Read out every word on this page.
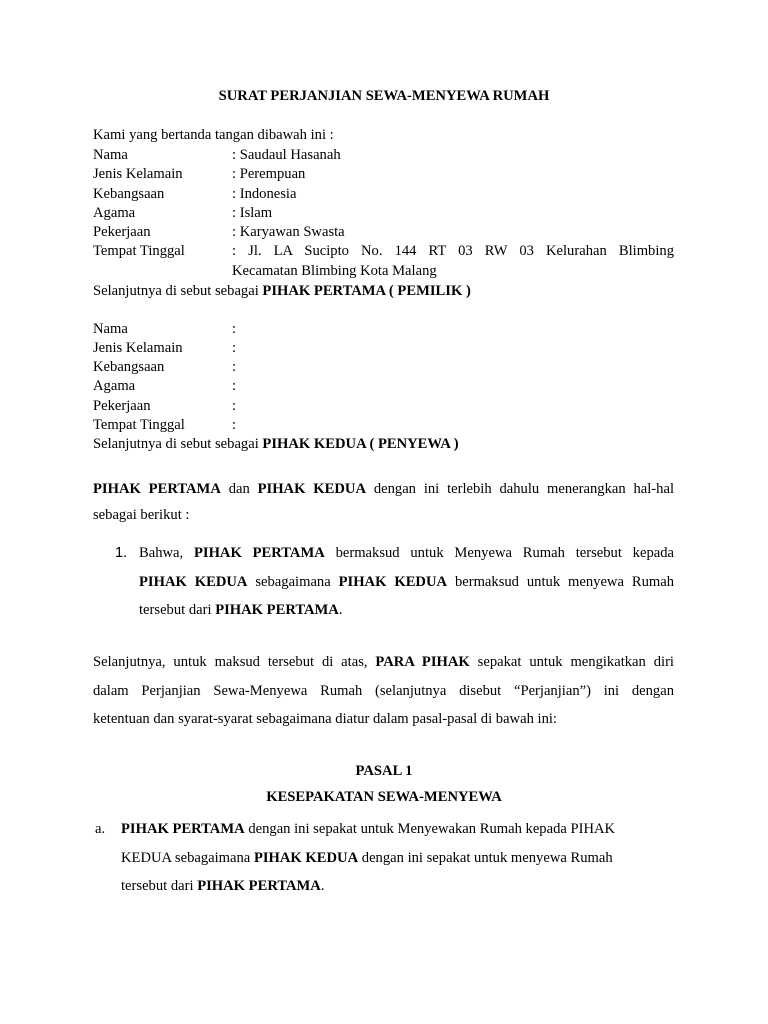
SURAT PERJANJIAN SEWA-MENYEWA RUMAH
Kami yang bertanda tangan dibawah ini :
Nama	: Saudaul Hasanah
Jenis Kelamain	: Perempuan
Kebangsaan	: Indonesia
Agama	: Islam
Pekerjaan	: Karyawan Swasta
Tempat Tinggal	: Jl. LA Sucipto No. 144 RT 03 RW 03 Kelurahan Blimbing
Kecamatan Blimbing Kota Malang
Selanjutnya di sebut sebagai PIHAK PERTAMA ( PEMILIK )
Nama	:
Jenis Kelamain	:
Kebangsaan	:
Agama	:
Pekerjaan	:
Tempat Tinggal	:
Selanjutnya di sebut sebagai PIHAK KEDUA ( PENYEWA )
PIHAK PERTAMA dan PIHAK KEDUA dengan ini terlebih dahulu menerangkan hal-hal
sebagai berikut :
1. Bahwa, PIHAK PERTAMA bermaksud untuk Menyewa Rumah tersebut kepada
PIHAK KEDUA sebagaimana PIHAK KEDUA bermaksud untuk menyewa Rumah
tersebut dari PIHAK PERTAMA.
Selanjutnya, untuk maksud tersebut di atas, PARA PIHAK sepakat untuk mengikatkan diri
dalam Perjanjian Sewa-Menyewa Rumah (selanjutnya disebut “Perjanjian”) ini dengan
ketentuan dan syarat-syarat sebagaimana diatur dalam pasal-pasal di bawah ini:
PASAL 1
KESEPAKATAN SEWA-MENYEWA
a. PIHAK PERTAMA dengan ini sepakat untuk Menyewakan Rumah kepada PIHAK
KEDUA sebagaimana PIHAK KEDUA dengan ini sepakat untuk menyewa Rumah
tersebut dari PIHAK PERTAMA.
